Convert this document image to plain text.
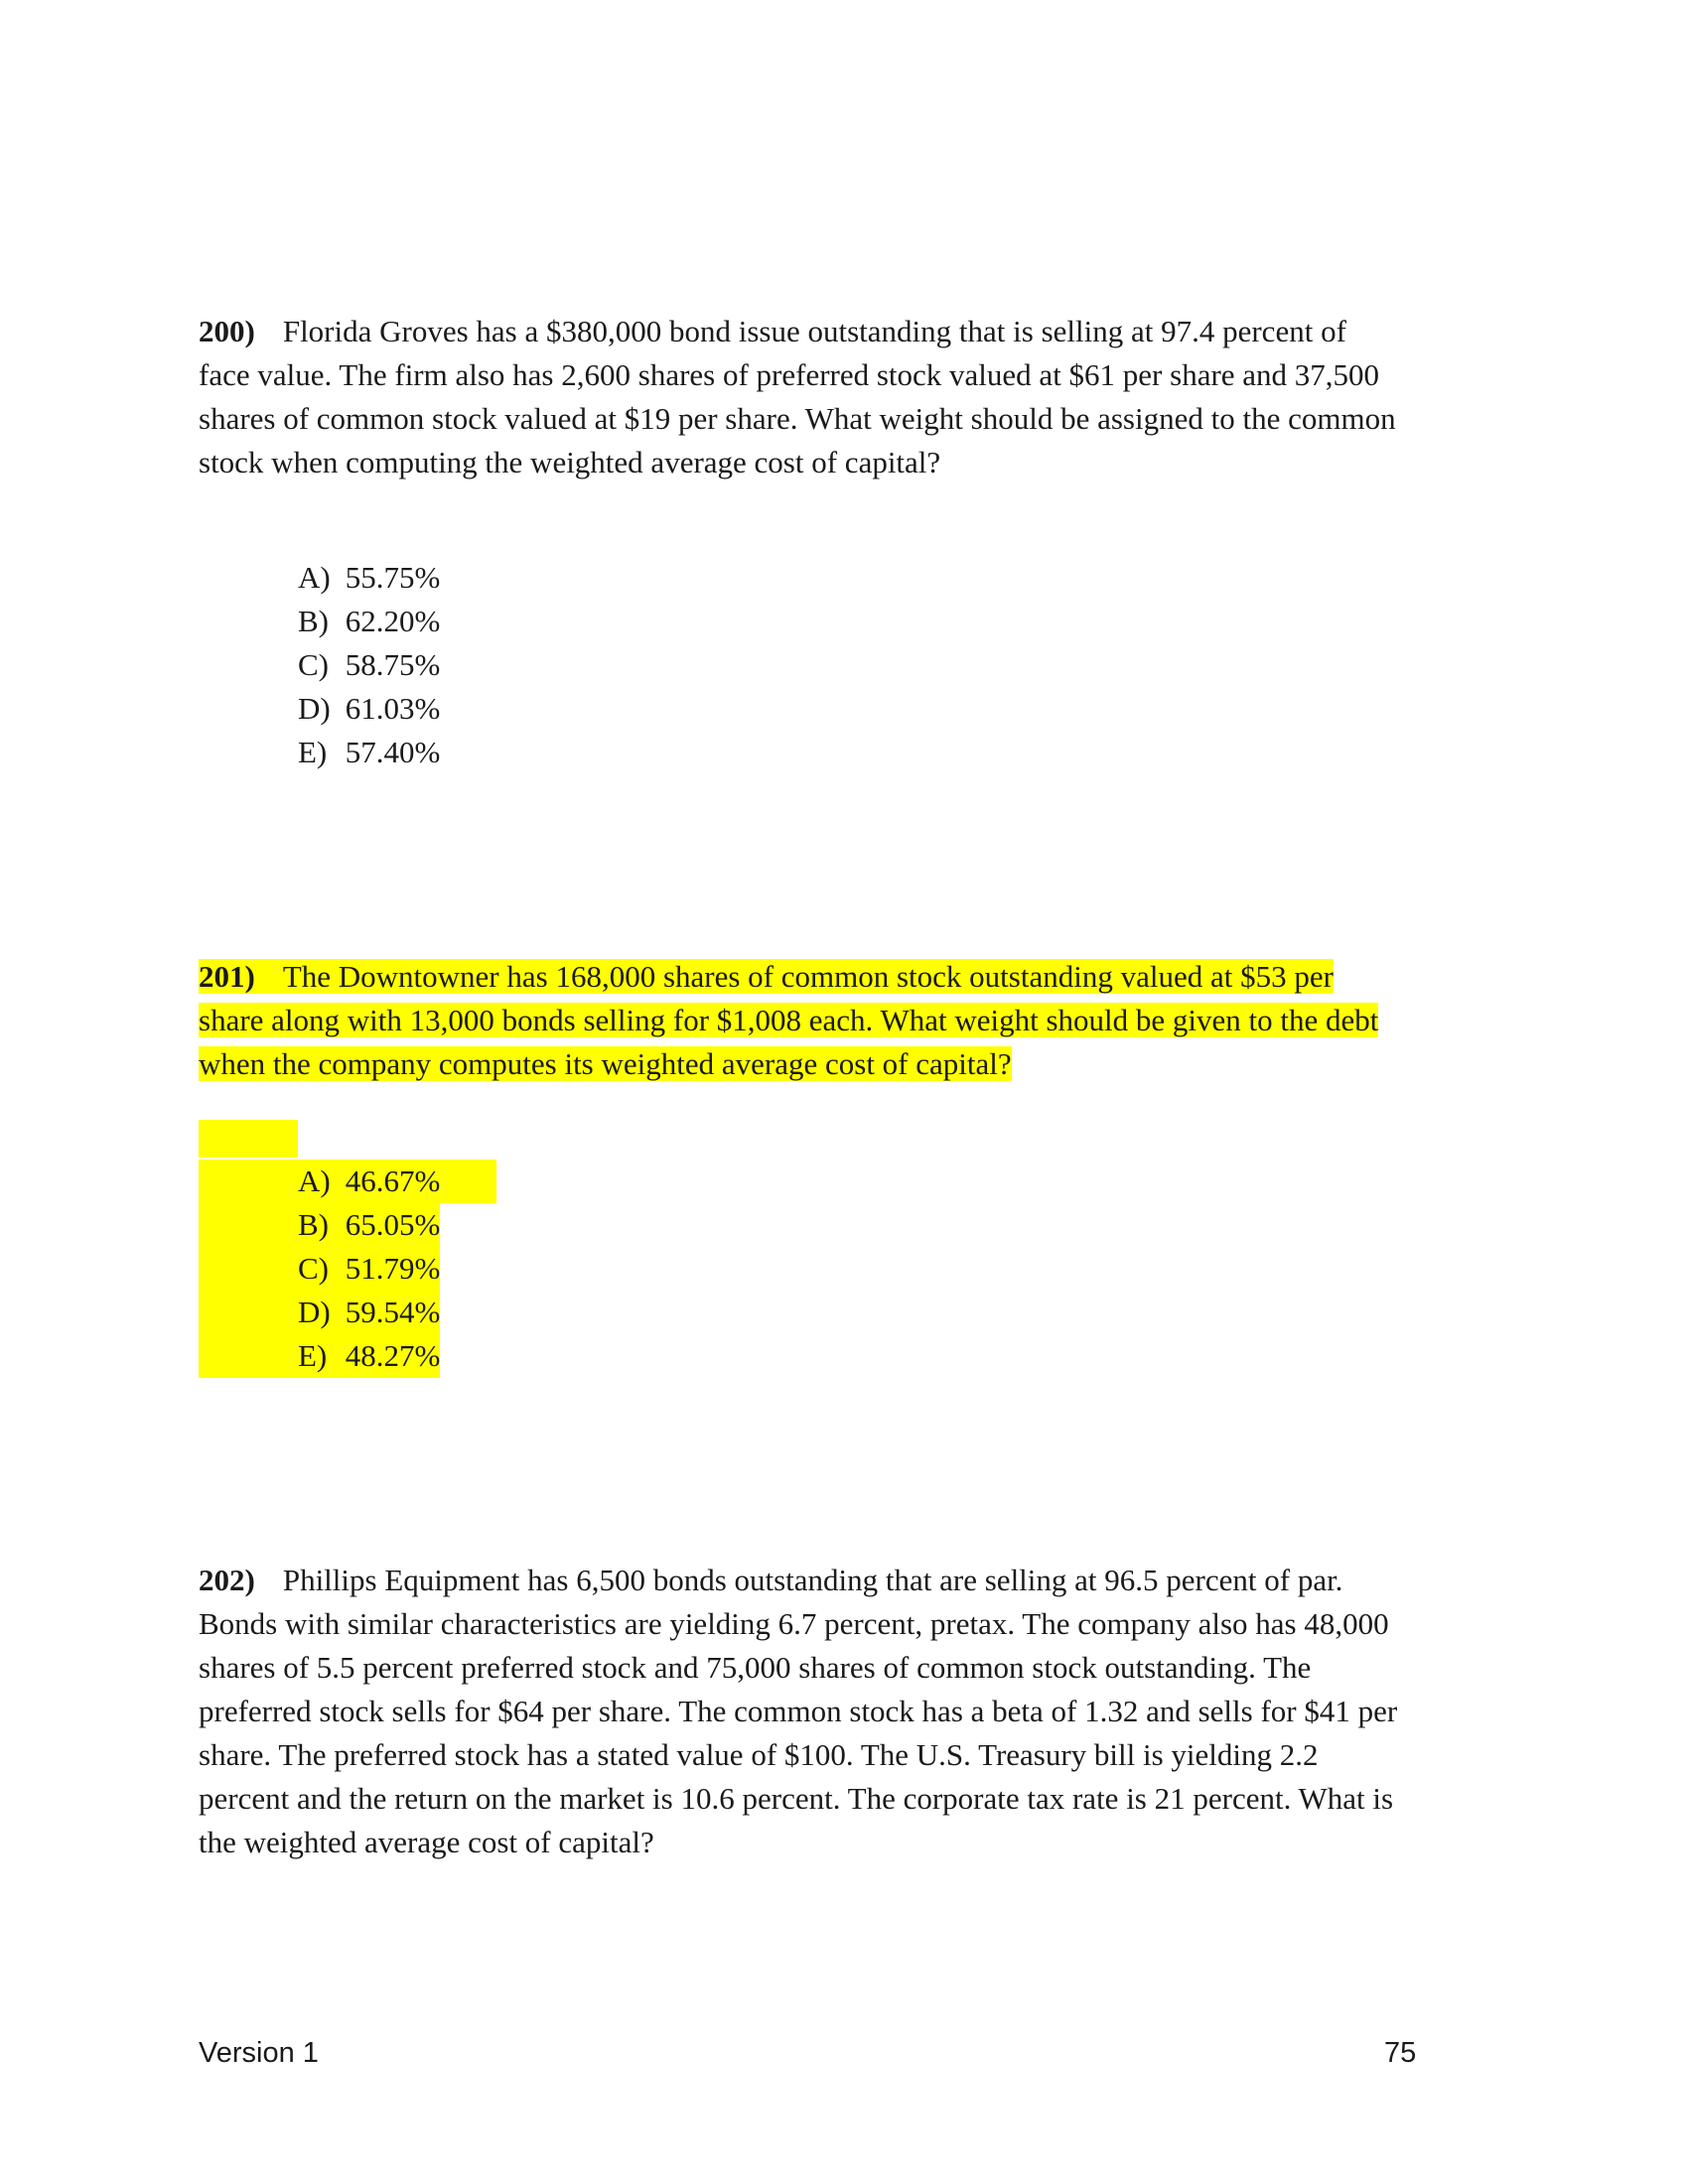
200) Florida Groves has a $380,000 bond issue outstanding that is selling at 97.4 percent of
face value. The firm also has 2,600 shares of preferred stock valued at $61 per share and 37,500
shares of common stock valued at $19 per share. What weight should be assigned to the common
stock when computing the weighted average cost of capital?
A) 55.75%
B) 62.20%
C) 58.75%
D) 61.03%
E) 57.40%
201) The Downtowner has 168,000 shares of common stock outstanding valued at $53 per
share along with 13,000 bonds selling for $1,008 each. What weight should be given to the debt
when the company computes its weighted average cost of capital?
A) 46.67%
B) 65.05%
C) 51.79%
D) 59.54%
E) 48.27%
202) Phillips Equipment has 6,500 bonds outstanding that are selling at 96.5 percent of par.
Bonds with similar characteristics are yielding 6.7 percent, pretax. The company also has 48,000
shares of 5.5 percent preferred stock and 75,000 shares of common stock outstanding. The
preferred stock sells for $64 per share. The common stock has a beta of 1.32 and sells for $41 per
share. The preferred stock has a stated value of $100. The U.S. Treasury bill is yielding 2.2
percent and the return on the market is 10.6 percent. The corporate tax rate is 21 percent. What is
the weighted average cost of capital?
Version 1	75
